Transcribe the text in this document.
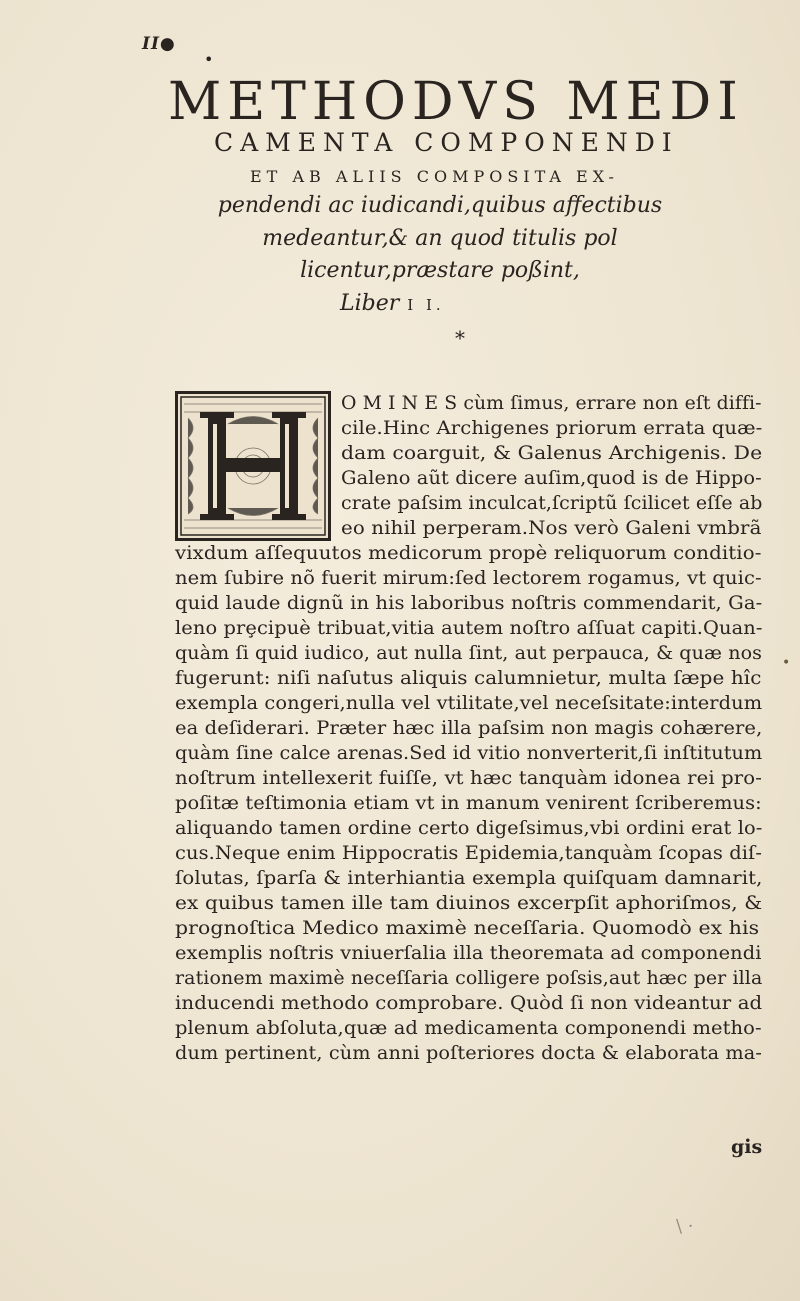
II●
•
METHODVS MEDI
CAMENTA COMPONENDI
ET AB ALIIS COMPOSITA EX-
pendendi ac iudicandi,quibus affectibus
medeantur,& an quod titulis pol
licentur,præstare poßint,
Liber I I.
*
O M I N E S cùm ſimus, errare non eſt diffi-
cile.Hinc Archigenes priorum errata quæ-
dam coarguit, & Galenus Archigenis. De
Galeno aũt dicere auſim,quod is de Hippo-
crate paſsim inculcat,ſcriptũ ſcilicet eſſe ab
eo nihil perperam.Nos verò Galeni vmbrã
vixdum aſſequutos medicorum propè reliquorum conditio-
nem ſubire nõ fuerit mirum:ſed lectorem rogamus, vt quic-
quid laude dignũ in his laboribus noſtris commendarit, Ga-
leno prȩcipuè tribuat,vitia autem noſtro aſſuat capiti.Quan-
quàm ſi quid iudico, aut nulla ſint, aut perpauca, & quæ nos
fugerunt: niſi naſutus aliquis calumnietur, multa ſæpe hîc
exempla congeri,nulla vel vtilitate,vel neceſsitate:interdum
ea deſiderari. Præter hæc illa paſsim non magis cohærere,
quàm ſine calce arenas.Sed id vitio nonverterit,ſi inſtitutum
noſtrum intellexerit fuiſſe, vt hæc tanquàm idonea rei pro-
poſitæ teſtimonia etiam vt in manum venirent ſcriberemus:
aliquando tamen ordine certo digeſsimus,vbi ordini erat lo-
cus.Neque enim Hippocratis Epidemia,tanquàm ſcopas diſ-
ſolutas, ſparſa & interhiantia exempla quiſquam damnarit,
ex quibus tamen ille tam diuinos excerpſit aphoriſmos, &
prognoſtica Medico maximè neceſſaria. Quomodò ex his
exemplis noſtris vniuerſalia illa theoremata ad componendi
rationem maximè neceſſaria colligere poſsis,aut hæc per illa
inducendi methodo comprobare. Quòd ſi non videantur ad
plenum abſoluta,quæ ad medicamenta componendi metho-
dum pertinent, cùm anni poſteriores docta & elaborata ma-
gis
•
\ ·
